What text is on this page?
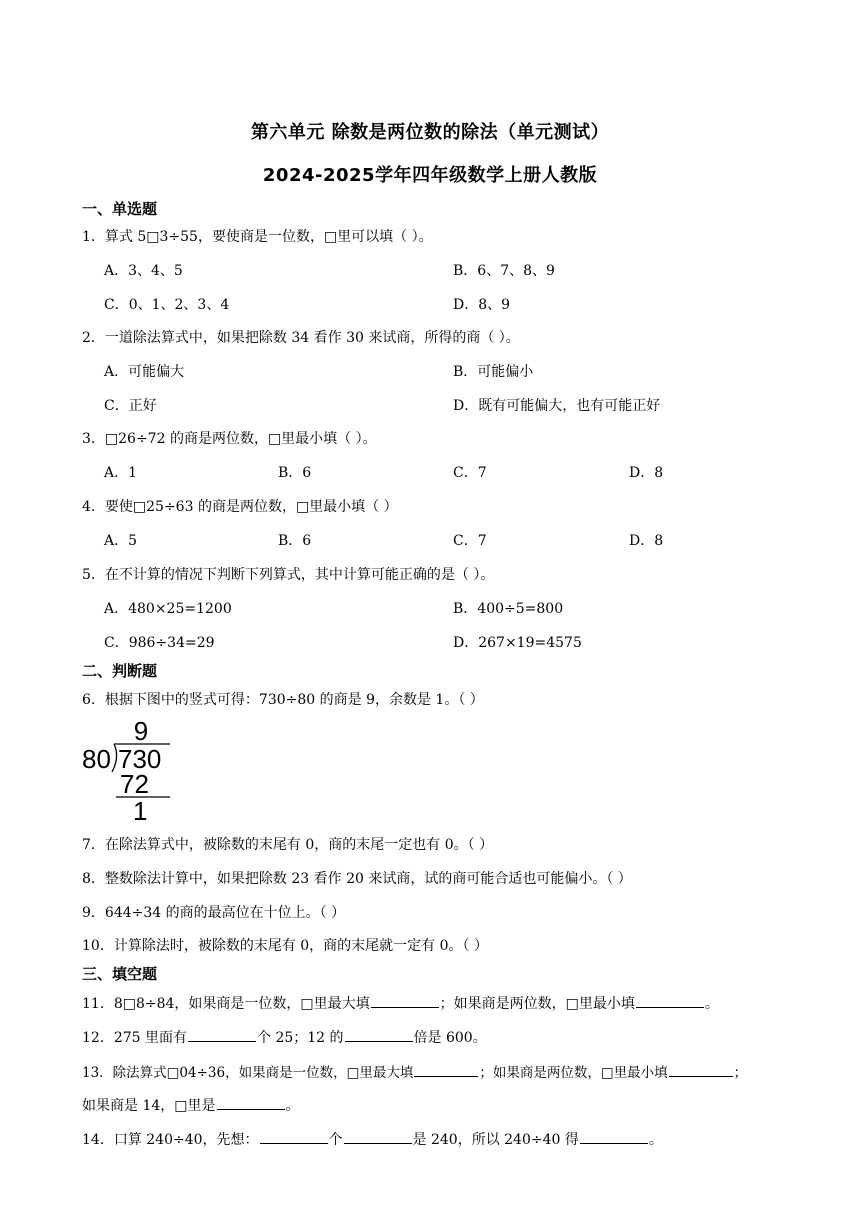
第六单元 除数是两位数的除法（单元测试）
2024-2025学年四年级数学上册人教版
一、单选题
1．算式 5□3÷55，要使商是一位数，□里可以填（ ）。
A．3、4、5	B．6、7、8、9
C．0、1、2、3、4	D．8、9
2．一道除法算式中，如果把除数 34 看作 30 来试商，所得的商（ ）。
A．可能偏大	B．可能偏小
C．正好	D．既有可能偏大，也有可能正好
3．□26÷72 的商是两位数，□里最小填（ ）。
A．1	B．6	C．7	D．8
4．要使□25÷63 的商是两位数，□里最小填（ ）
A．5	B．6	C．7	D．8
5．在不计算的情况下判断下列算式，其中计算可能正确的是（ ）。
A．480×25=1200	B．400÷5=800
C．986÷34=29	D．267×19=4575
二、判断题
6．根据下图中的竖式可得：730÷80 的商是 9，余数是 1。（ ）
9
80 730
72
1
7．在除法算式中，被除数的末尾有 0，商的末尾一定也有 0。（ ）
8．整数除法计算中，如果把除数 23 看作 20 来试商，试的商可能合适也可能偏小。（ ）
9．644÷34 的商的最高位在十位上。（ ）
10．计算除法时，被除数的末尾有 0，商的末尾就一定有 0。（ ）
三、填空题
11．8□8÷84，如果商是一位数，□里最大填	；如果商是两位数，□里最小填	。
12．275 里面有	个 25；12 的	倍是 600。
13．除法算式□04÷36，如果商是一位数，□里最大填	；如果商是两位数，□里最小填	；
如果商是 14，□里是	。
14．口算 240÷40，先想：	个	是 240，所以 240÷40 得	。
